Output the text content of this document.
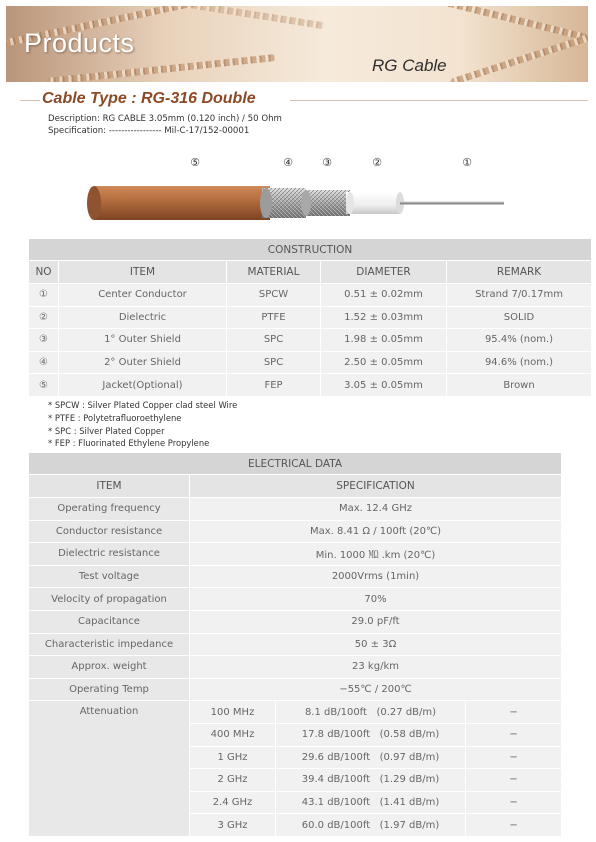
Products
RG Cable
Cable Type : RG-316 Double
Description: RG CABLE 3.05mm (0.120 inch) / 50 Ohm
Specification: ----------------- Mil-C-17/152-00001
⑤	④	③	②	①
CONSTRUCTION				
NO	ITEM	MATERIAL	DIAMETER	REMARK
①	Center Conductor	SPCW	0.51 ± 0.02mm	Strand 7/0.17mm
②	Dielectric	PTFE	1.52 ± 0.03mm	SOLID
③	1° Outer Shield	SPC	1.98 ± 0.05mm	95.4% (nom.)
④	2° Outer Shield	SPC	2.50 ± 0.05mm	94.6% (nom.)
⑤	Jacket(Optional)	FEP	3.05 ± 0.05mm	Brown
* SPCW : Silver Plated Copper clad steel Wire
* PTFE : Polytetrafluoroethylene
* SPC : Silver Plated Copper
* FEP : Fluorinated Ethylene Propylene
ELECTRICAL DATA			
ITEM	SPECIFICATION		
Operating frequency	Max. 12.4 GHz		
Conductor resistance	Max. 8.41 Ω / 100ft (20℃)		
Dielectric resistance	Min. 1000 ㏁ .km (20℃)		
Test voltage	2000Vrms (1min)		
Velocity of propagation	70%		
Capacitance	29.0 pF/ft		
Characteristic impedance	50 ± 3Ω		
Approx. weight	23 kg/km		
Operating Temp	−55℃ / 200℃		
Attenuation	100 MHz	8.1 dB/100ft   (0.27 dB/m)	−
	400 MHz	17.8 dB/100ft   (0.58 dB/m)	−
	1 GHz	29.6 dB/100ft   (0.97 dB/m)	−
	2 GHz	39.4 dB/100ft   (1.29 dB/m)	−
	2.4 GHz	43.1 dB/100ft   (1.41 dB/m)	−
	3 GHz	60.0 dB/100ft   (1.97 dB/m)	−
